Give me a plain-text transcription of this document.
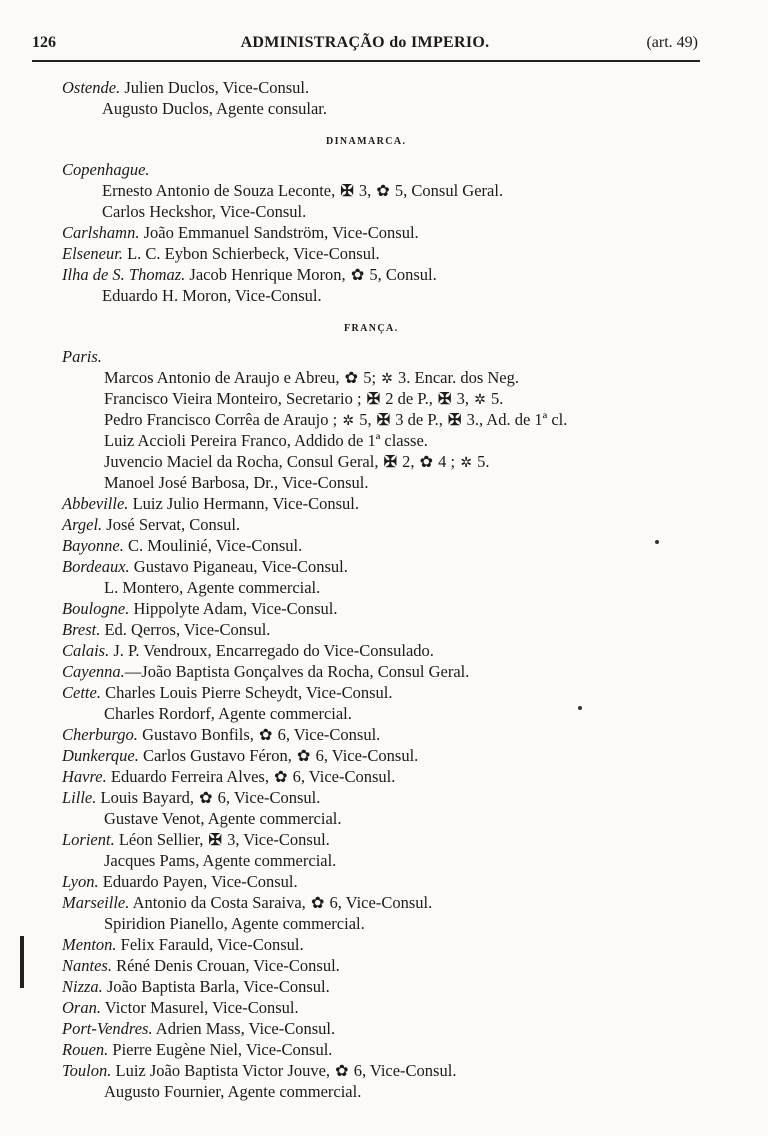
126	ADMINISTRAÇÃO do IMPERIO.	(art. 49)
Ostende. Julien Duclos, Vice-Consul.
Augusto Duclos, Agente consular.
DINAMARCA.
Copenhague.
Ernesto Antonio de Souza Leconte, ✠ 3, ✿ 5, Consul Geral.
Carlos Heckshor, Vice-Consul.
Carlshamn. João Emmanuel Sandström, Vice-Consul.
Elseneur. L. C. Eybon Schierbeck, Vice-Consul.
Ilha de S. Thomaz. Jacob Henrique Moron, ✿ 5, Consul.
Eduardo H. Moron, Vice-Consul.
FRANÇA.
Paris.
Marcos Antonio de Araujo e Abreu, ✿ 5; ✲ 3. Encar. dos Neg.
Francisco Vieira Monteiro, Secretario ; ✠ 2 de P., ✠ 3, ✲ 5.
Pedro Francisco Corrêa de Araujo ; ✲ 5, ✠ 3 de P., ✠ 3., Ad. de 1ª cl.
Luiz Accioli Pereira Franco, Addido de 1ª classe.
Juvencio Maciel da Rocha, Consul Geral, ✠ 2, ✿ 4 ; ✲ 5.
Manoel José Barbosa, Dr., Vice-Consul.
Abbeville. Luiz Julio Hermann, Vice-Consul.
Argel. José Servat, Consul.
Bayonne. C. Moulinié, Vice-Consul.
Bordeaux. Gustavo Piganeau, Vice-Consul.
L. Montero, Agente commercial.
Boulogne. Hippolyte Adam, Vice-Consul.
Brest. Ed. Qerros, Vice-Consul.
Calais. J. P. Vendroux, Encarregado do Vice-Consulado.
Cayenna.—João Baptista Gonçalves da Rocha, Consul Geral.
Cette. Charles Louis Pierre Scheydt, Vice-Consul.
Charles Rordorf, Agente commercial.
Cherburgo. Gustavo Bonfils, ✿ 6, Vice-Consul.
Dunkerque. Carlos Gustavo Féron, ✿ 6, Vice-Consul.
Havre. Eduardo Ferreira Alves, ✿ 6, Vice-Consul.
Lille. Louis Bayard, ✿ 6, Vice-Consul.
Gustave Venot, Agente commercial.
Lorient. Léon Sellier, ✠ 3, Vice-Consul.
Jacques Pams, Agente commercial.
Lyon. Eduardo Payen, Vice-Consul.
Marseille. Antonio da Costa Saraiva, ✿ 6, Vice-Consul.
Spiridion Pianello, Agente commercial.
Menton. Felix Farauld, Vice-Consul.
Nantes. Réné Denis Crouan, Vice-Consul.
Nizza. João Baptista Barla, Vice-Consul.
Oran. Victor Masurel, Vice-Consul.
Port-Vendres. Adrien Mass, Vice-Consul.
Rouen. Pierre Eugène Niel, Vice-Consul.
Toulon. Luiz João Baptista Victor Jouve, ✿ 6, Vice-Consul.
Augusto Fournier, Agente commercial.
